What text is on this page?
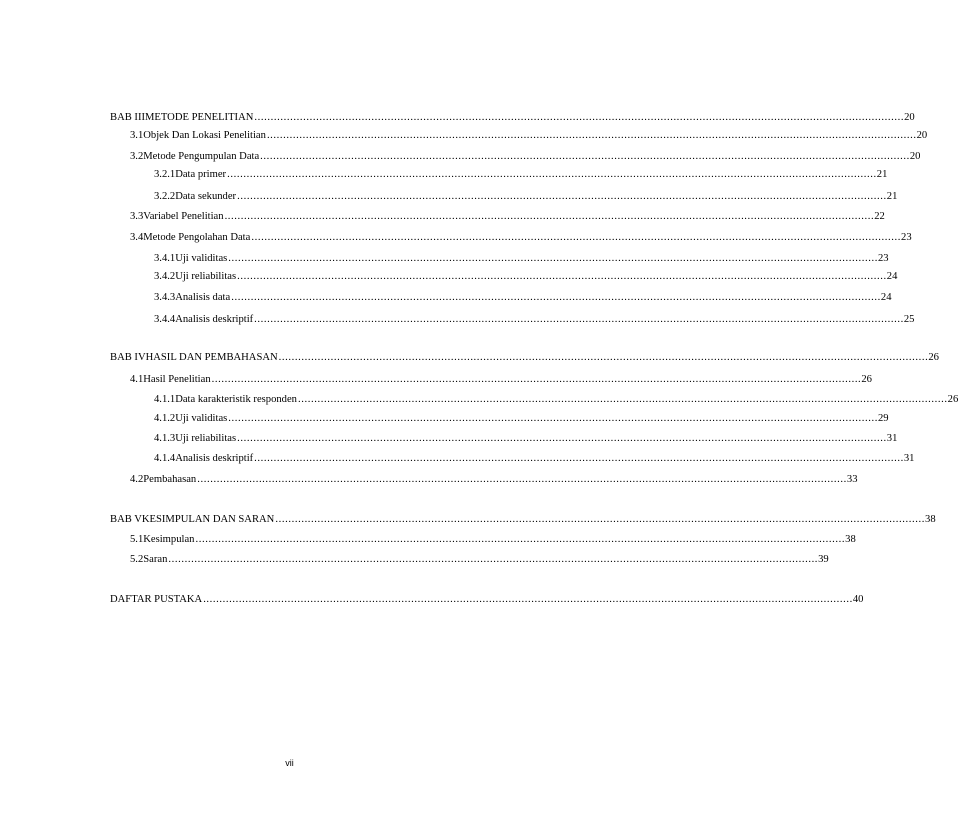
BAB III METODE PENELITIAN ........................................................................................................................................................................................................ 20
3.1 Objek Dan Lokasi Penelitian ........................................................................................................................................................................................................ 20
3.2 Metode Pengumpulan Data ........................................................................................................................................................................................................ 20
3.2.1 Data primer ........................................................................................................................................................................................................ 21
3.2.2 Data sekunder ........................................................................................................................................................................................................ 21
3.3 Variabel Penelitian ........................................................................................................................................................................................................ 22
3.4 Metode Pengolahan Data ........................................................................................................................................................................................................ 23
3.4.1 Uji validitas ........................................................................................................................................................................................................ 23
3.4.2 Uji reliabilitas ........................................................................................................................................................................................................ 24
3.4.3 Analisis data ........................................................................................................................................................................................................ 24
3.4.4 Analisis deskriptif ........................................................................................................................................................................................................ 25
BAB IV HASIL DAN PEMBAHASAN ........................................................................................................................................................................................................ 26
4.1 Hasil Penelitian ........................................................................................................................................................................................................ 26
4.1.1 Data karakteristik responden ........................................................................................................................................................................................................ 26
4.1.2 Uji validitas ........................................................................................................................................................................................................ 29
4.1.3 Uji reliabilitas ........................................................................................................................................................................................................ 31
4.1.4 Analisis deskriptif ........................................................................................................................................................................................................ 31
4.2 Pembahasan ........................................................................................................................................................................................................ 33
BAB V KESIMPULAN DAN SARAN ........................................................................................................................................................................................................ 38
5.1 Kesimpulan ........................................................................................................................................................................................................ 38
5.2 Saran ........................................................................................................................................................................................................ 39
DAFTAR PUSTAKA ........................................................................................................................................................................................................ 40
vii
